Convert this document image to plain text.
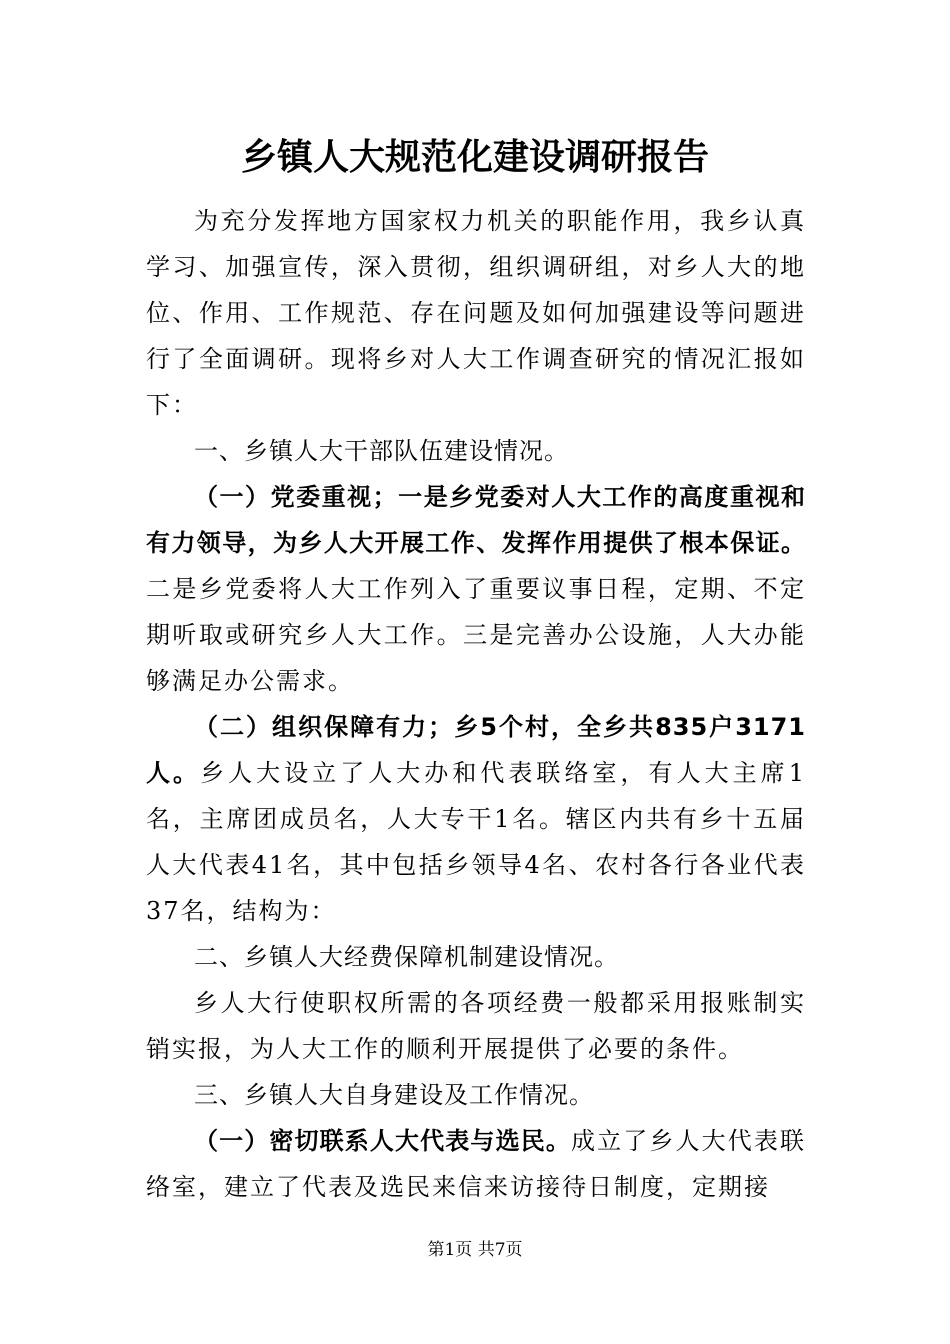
乡镇人大规范化建设调研报告

为充分发挥地方国家权力机关的职能作用，我乡认真学习、加强宣传，深入贯彻，组织调研组，对乡人大的地位、作用、工作规范、存在问题及如何加强建设等问题进行了全面调研。现将乡对人大工作调查研究的情况汇报如下：

一、乡镇人大干部队伍建设情况。

（一）党委重视；一是乡党委对人大工作的高度重视和有力领导，为乡人大开展工作、发挥作用提供了根本保证。二是乡党委将人大工作列入了重要议事日程，定期、不定期听取或研究乡人大工作。三是完善办公设施，人大办能够满足办公需求。

（二）组织保障有力；乡5个村，全乡共835户3171人。乡人大设立了人大办和代表联络室，有人大主席1名，主席团成员名，人大专干1名。辖区内共有乡十五届人大代表41名，其中包括乡领导4名、农村各行各业代表37名，结构为：

二、乡镇人大经费保障机制建设情况。

乡人大行使职权所需的各项经费一般都采用报账制实销实报，为人大工作的顺利开展提供了必要的条件。

三、乡镇人大自身建设及工作情况。

（一）密切联系人大代表与选民。成立了乡人大代表联络室，建立了代表及选民来信来访接待日制度，定期接

第1页 共7页
